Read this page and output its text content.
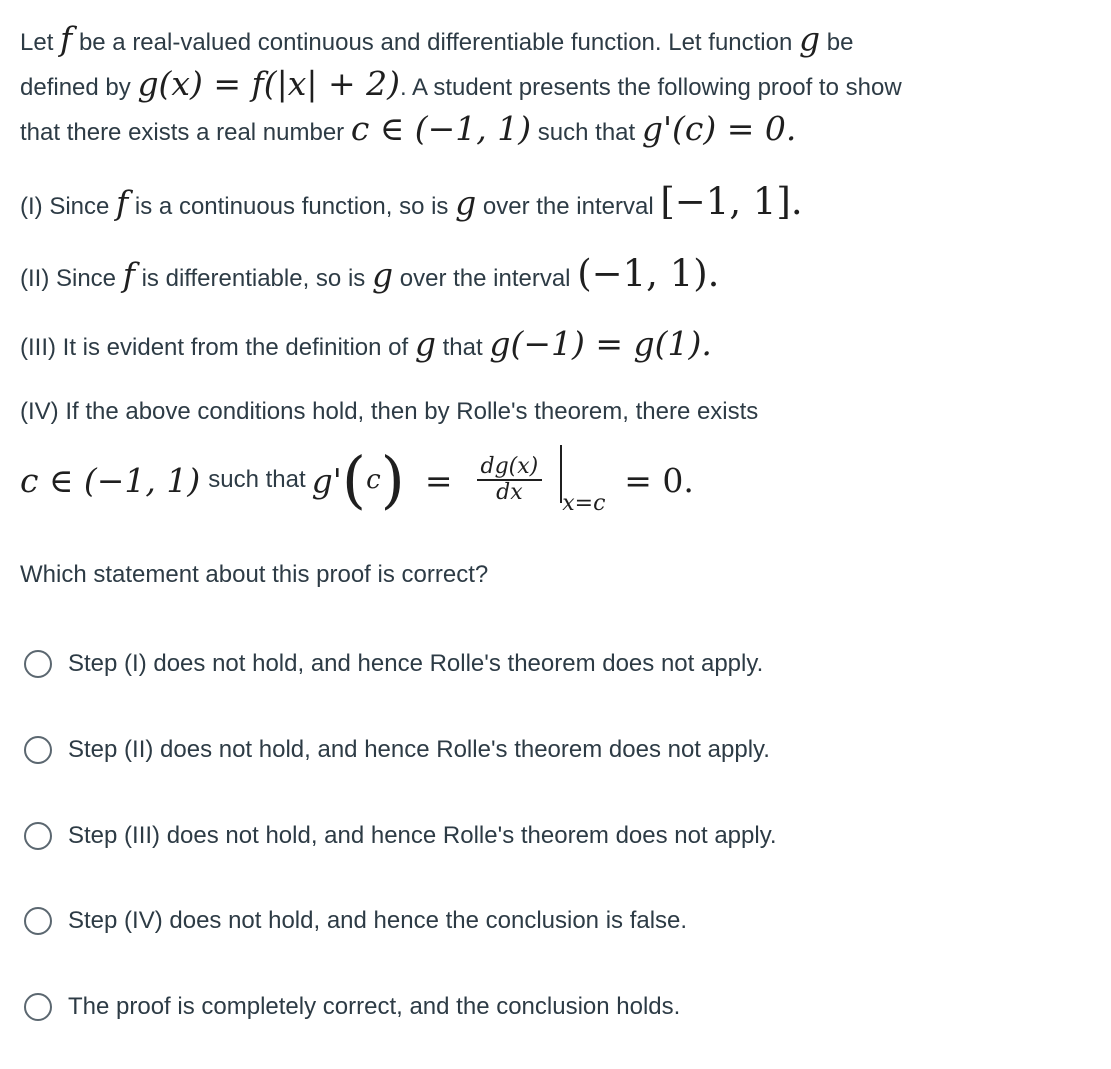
Let f be a real-valued continuous and differentiable function. Let function g be
defined by g(x) = f(|x| + 2). A student presents the following proof to show
that there exists a real number c ∈ (−1, 1) such that g'(c) = 0.
(I) Since f is a continuous function, so is g over the interval [−1, 1].
(II) Since f is differentiable, so is g over the interval (−1, 1).
(III) It is evident from the definition of g that g(−1) = g(1).
(IV) If the above conditions hold, then by Rolle's theorem, there exists
c ∈ (−1, 1) such that g' ( c ) = $\frac{dg(x)}{dx} x=c$
= 0.
Which statement about this proof is correct?
Step (I) does not hold, and hence Rolle's theorem does not apply.
Step (II) does not hold, and hence Rolle's theorem does not apply.
Step (III) does not hold, and hence Rolle's theorem does not apply.
Step (IV) does not hold, and hence the conclusion is false.
The proof is completely correct, and the conclusion holds.
